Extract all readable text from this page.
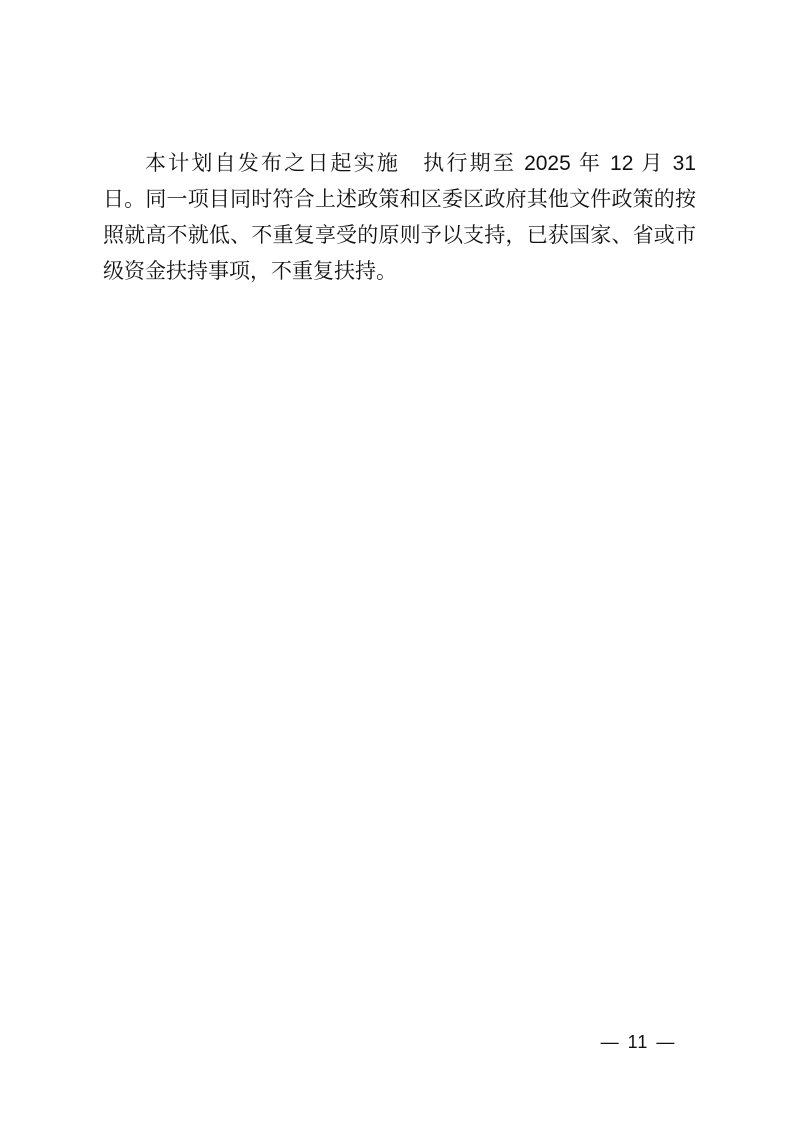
本计划自发布之日起实施　执行期至 2025 年 12 月 31
日。同一项目同时符合上述政策和区委区政府其他文件政策的按
照就高不就低、不重复享受的原则予以支持，已获国家、省或市
级资金扶持事项，不重复扶持。
— 11 —
